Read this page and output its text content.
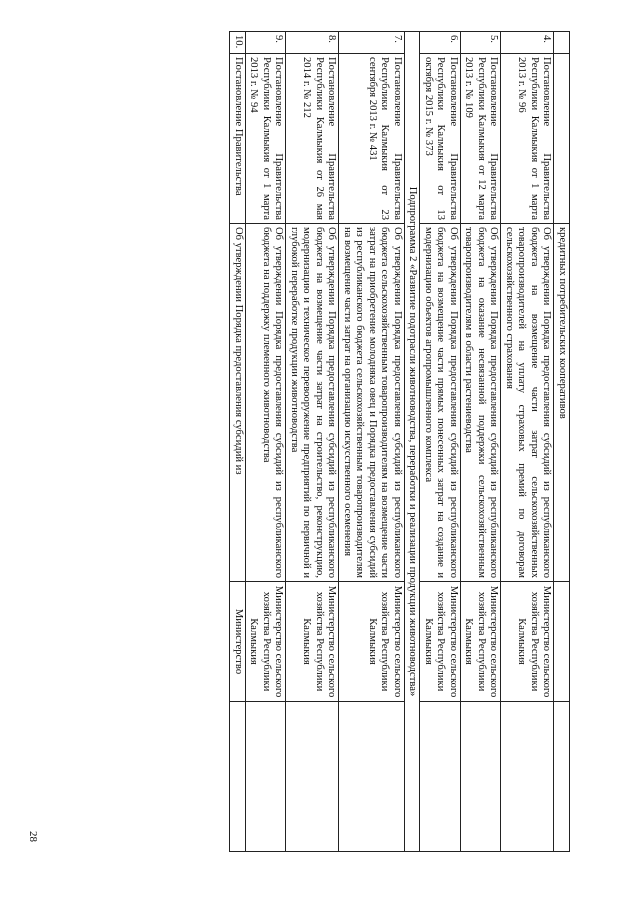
		кредитных потребительских кооперативов		
4.	Постановление Правительства Республики Калмыкия от 1 марта 2013 г. № 96	Об утверждении Порядка предоставления субсидий из республиканского бюджета на возмещение части затрат сельскохозяйственных товаропроизводителей на уплату страховых премий по договорам сельскохозяйственного страхования	Министерство сельского хозяйства Республики Калмыкия	
5.	Постановление Правительства Республики Калмыкия от 12 марта 2013 г. № 109	Об утверждении Порядка предоставления субсидий из республиканского бюджета на оказание несвязанной поддержки сельскохозяйственным товаропроизводителям в области растениеводства	Министерство сельского хозяйства Республики Калмыкия	
6.	Постановление Правительства Республики Калмыкия от 13 октября 2015 г. № 373	Об утверждении Порядка предоставления субсидий из республиканского бюджета на возмещение части прямых понесенных затрат на создание и модернизацию объектов агропромышленного комплекса	Министерство сельского хозяйства Республики Калмыкия	
Подпрограмма 2 «Развитие подотрасли животноводства, переработки и реализации продукции животноводства»				
7.	Постановление Правительства Республики Калмыкия от 23 сентября 2013 г. № 431	Об утверждении Порядка предоставления субсидий из республиканского бюджета сельскохозяйственным товаропроизводителям на возмещение части затрат на приобретение молодняка овец и Порядка предоставления субсидий из республиканского бюджета сельскохозяйственным товаропроизводителям на возмещение части затрат на организацию искусственного осеменения	Министерство сельского хозяйства Республики Калмыкия	
8.	Постановление Правительства Республики Калмыкия от 26 мая 2014 г. № 212	Об утверждении Порядка предоставления субсидий из республиканского бюджета на возмещение части затрат на строительство, реконструкцию, модернизацию и техническое перевооружение предприятий по первичной и глубокой переработке продукции животноводства	Министерство сельского хозяйства Республики Калмыкия	
9.	Постановление Правительства Республики Калмыкия от 1 марта 2013 г. № 94	Об утверждении Порядка предоставления субсидий из республиканского бюджета на поддержку племенного животноводства	Министерство сельского хозяйства Республики Калмыкия	
10.	Постановление Правительства	Об утверждении Порядка предоставления субсидий из	Министерство	
28
